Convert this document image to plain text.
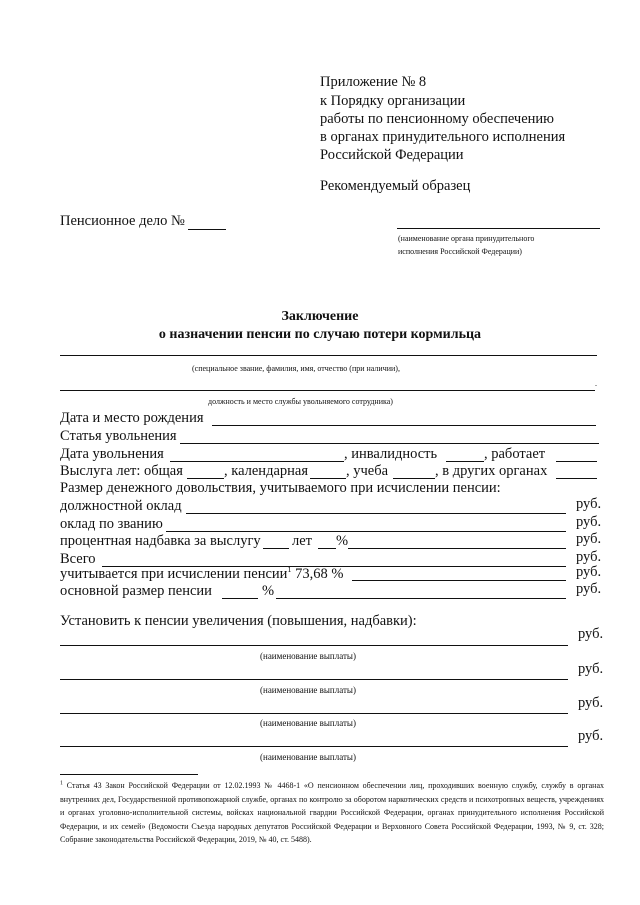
Приложение № 8
к Порядку организации
работы по пенсионному обеспечению
в органах принудительного исполнения
Российской Федерации
Рекомендуемый образец
Пенсионное дело №
(наименование органа принудительного
исполнения Российской Федерации)
Заключение
о назначении пенсии по случаю потери кормильца
(специальное звание, фамилия, имя, отчество (при наличии),
.
должность и место службы увольняемого сотрудника)
Дата и место рождения
Статья увольнения
Дата увольнения	, инвалидность	, работает
Выслуга лет: общая	, календарная	, учеба	, в других органах
Размер денежного довольствия, учитываемого при исчислении пенсии:
должностной оклад	руб.
оклад по званию	руб.
процентная надбавка за выслугу лет %	руб.
Всего	руб.
учитывается при исчислении пенсии$^1$ 73,68 %	руб.
основной размер пенсии	%	руб.
Установить к пенсии увеличения (повышения, надбавки):
руб.
(наименование выплаты)
руб.
(наименование выплаты)
руб.
(наименование выплаты)
руб.
(наименование выплаты)
$^1$ Статья 43 Закон Российской Федерации от 12.02.1993 № 4468-1 «О пенсионном обеспечении лиц, проходивших военную службу, службу в органах внутренних дел, Государственной противопожарной службе, органах по контролю за оборотом наркотических средств и психотропных веществ, учреждениях и органах уголовно-исполнительной системы, войсках национальной гвардии Российской Федерации, органах принудительного исполнения Российской Федерации, и их семей» (Ведомости Съезда народных депутатов Российской Федерации и Верховного Совета Российской Федерации, 1993, № 9, ст. 328; Собрание законодательства Российской Федерации, 2019, № 40, ст. 5488).
